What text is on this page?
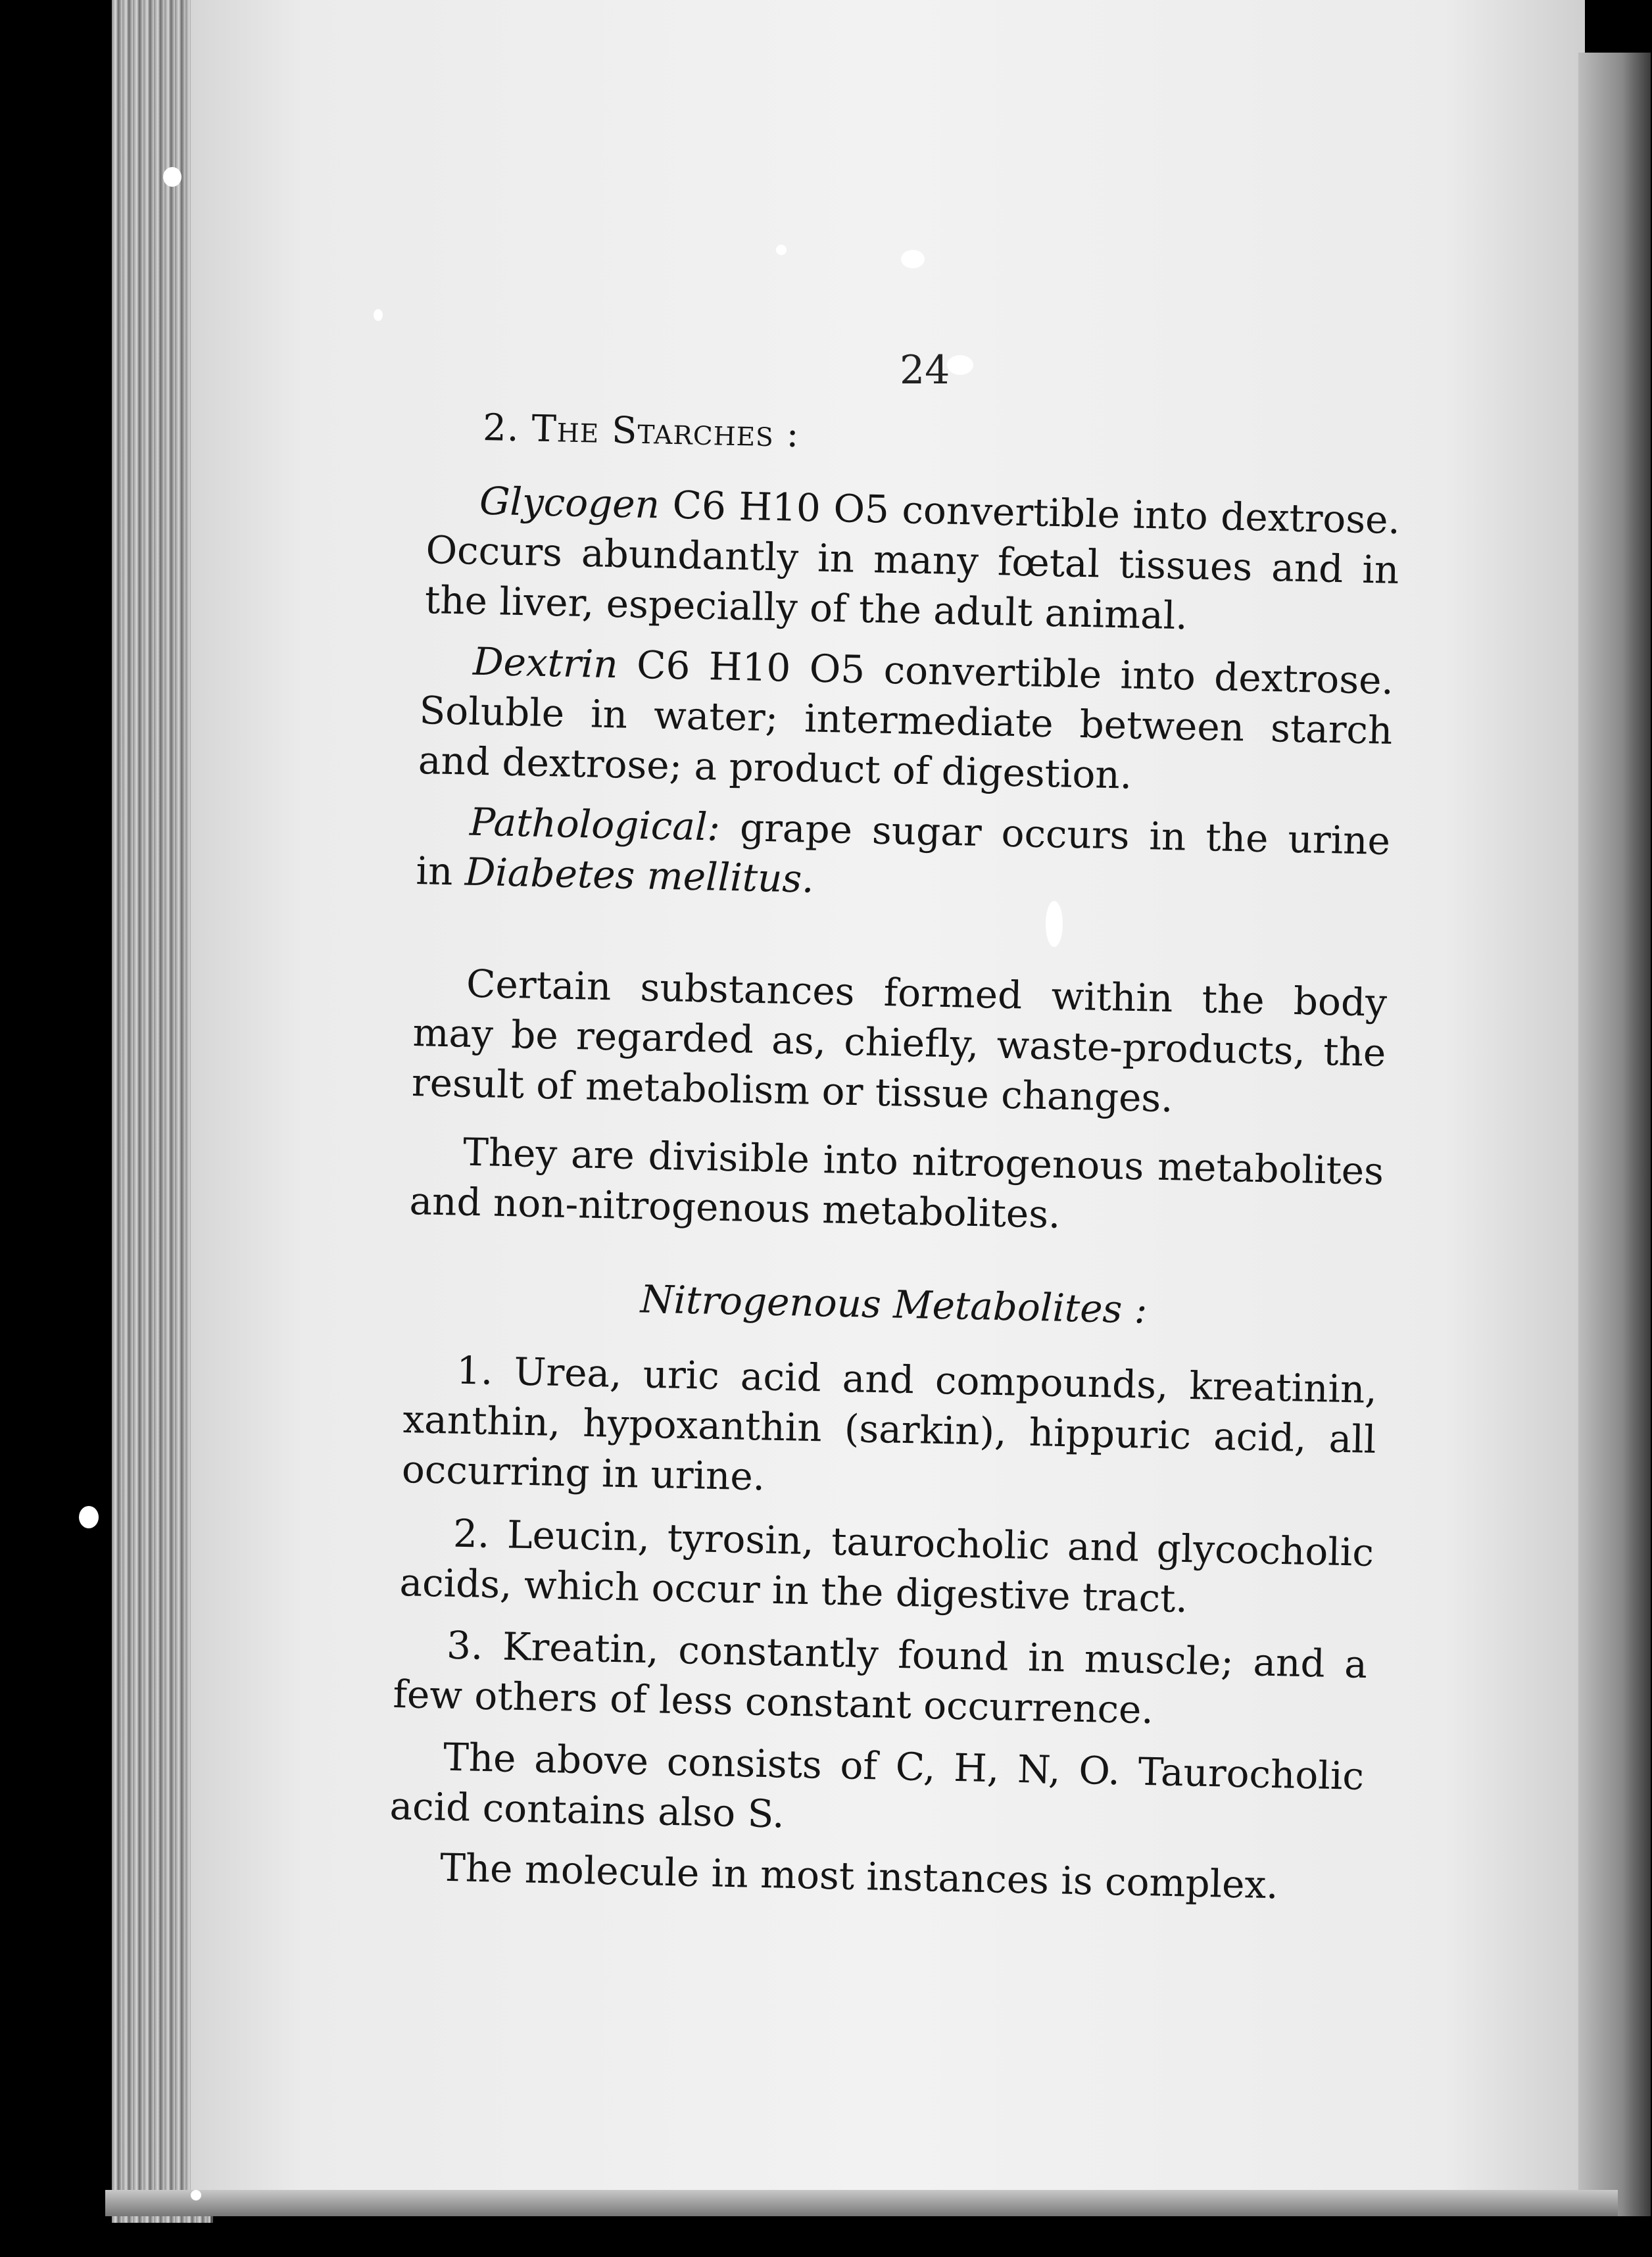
24
2. The Starches :

Glycogen C6 H10 O5 convertible into dextrose. Occurs abundantly in many fœtal tissues and in the liver, especially of the adult animal.

Dextrin C6 H10 O5 convertible into dextrose. Soluble in water; intermediate between starch and dextrose; a product of digestion.

Pathological: grape sugar occurs in the urine in Diabetes mellitus.

Certain substances formed within the body may be regarded as, chiefly, waste-products, the result of metabolism or tissue changes.

They are divisible into nitrogenous metabolites and non-nitrogenous metabolites.

Nitrogenous Metabolites :

1. Urea, uric acid and compounds, kreatinin, xanthin, hypoxanthin (sarkin), hippuric acid, all occurring in urine.

2. Leucin, tyrosin, taurocholic and glycocholic acids, which occur in the digestive tract.

3. Kreatin, constantly found in muscle; and a few others of less constant occurrence.

The above consists of C, H, N, O. Taurocholic acid contains also S.

The molecule in most instances is complex.
